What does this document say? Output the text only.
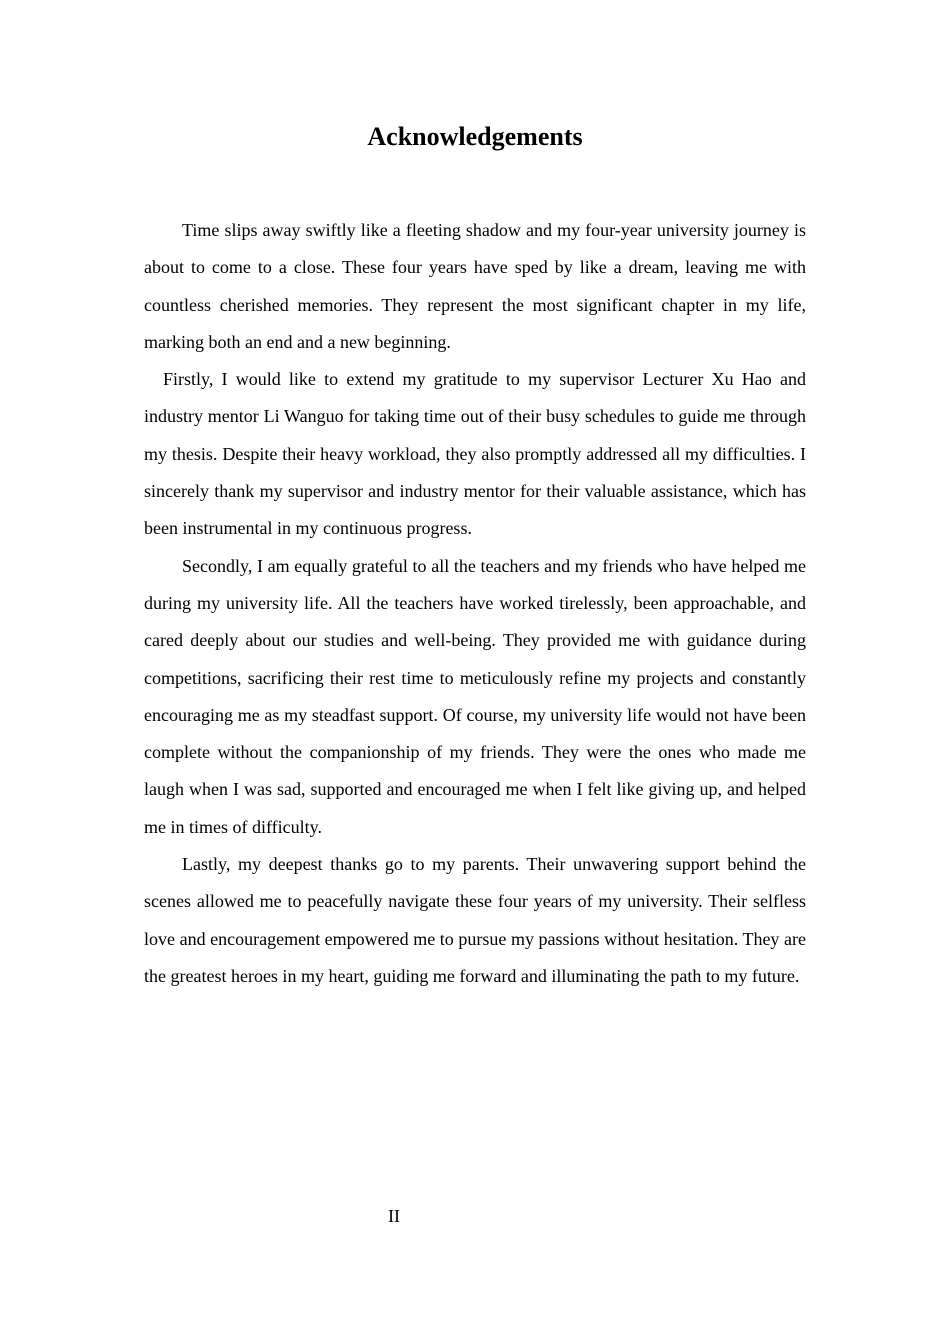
Acknowledgements

Time slips away swiftly like a fleeting shadow and my four-year university journey is about to come to a close. These four years have sped by like a dream, leaving me with countless cherished memories. They represent the most significant chapter in my life, marking both an end and a new beginning.

Firstly, I would like to extend my gratitude to my supervisor Lecturer Xu Hao and industry mentor Li Wanguo for taking time out of their busy schedules to guide me through my thesis. Despite their heavy workload, they also promptly addressed all my difficulties. I sincerely thank my supervisor and industry mentor for their valuable assistance, which has been instrumental in my continuous progress.

Secondly, I am equally grateful to all the teachers and my friends who have helped me during my university life. All the teachers have worked tirelessly, been approachable, and cared deeply about our studies and well-being. They provided me with guidance during competitions, sacrificing their rest time to meticulously refine my projects and constantly encouraging me as my steadfast support. Of course, my university life would not have been complete without the companionship of my friends. They were the ones who made me laugh when I was sad, supported and encouraged me when I felt like giving up, and helped me in times of difficulty.

Lastly, my deepest thanks go to my parents. Their unwavering support behind the scenes allowed me to peacefully navigate these four years of my university. Their selfless love and encouragement empowered me to pursue my passions without hesitation. They are the greatest heroes in my heart, guiding me forward and illuminating the path to my future.

II
